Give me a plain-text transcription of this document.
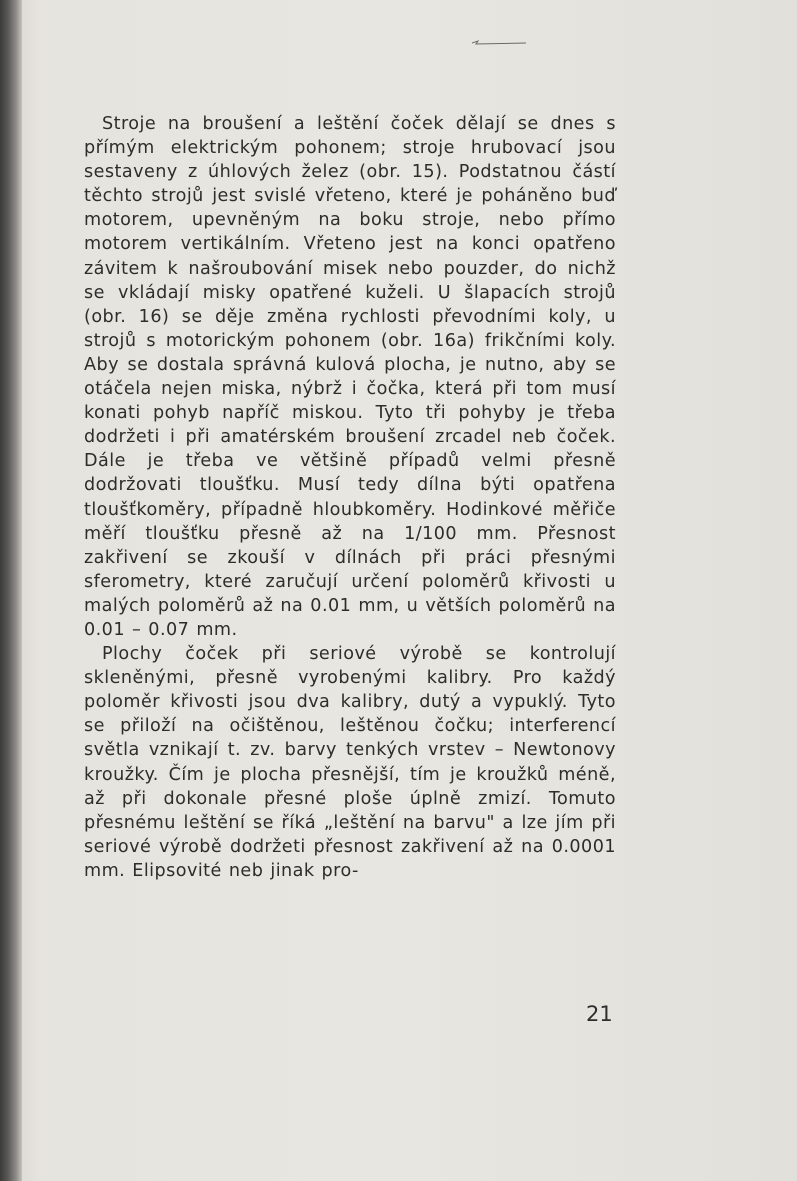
Stroje na broušení a leštění čoček dělají se dnes s přímým elektrickým pohonem; stroje hrubovací jsou sestaveny z úhlových želez (obr. 15). Podstatnou částí těchto strojů jest svislé vřeteno, které je poháněno buď motorem, upevněným na boku stroje, nebo přímo motorem vertikálním. Vřeteno jest na konci opatřeno závitem k našroubování misek nebo pouzder, do nichž se vkládají misky opatřené kuželi. U šlapacích strojů (obr. 16) se děje změna rychlosti převodními koly, u strojů s motorickým pohonem (obr. 16a) frikčními koly. Aby se dostala správná kulová plocha, je nutno, aby se otáčela nejen miska, nýbrž i čočka, která při tom musí konati pohyb napříč miskou. Tyto tři pohyby je třeba dodržeti i při amatérském broušení zrcadel neb čoček. Dále je třeba ve většině případů velmi přesně dodržovati tloušťku. Musí tedy dílna býti opatřena tloušťkoměry, případně hloubkoměry. Hodinkové měřiče měří tloušťku přesně až na 1/100 mm. Přesnost zakřivení se zkouší v dílnách při práci přesnými sferometry, které zaručují určení poloměrů křivosti u malých poloměrů až na 0.01 mm, u větších poloměrů na 0.01 – 0.07 mm.

Plochy čoček při seriové výrobě se kontrolují skleněnými, přesně vyrobenými kalibry. Pro každý poloměr křivosti jsou dva kalibry, dutý a vypuklý. Tyto se přiloží na očištěnou, leštěnou čočku; interferencí světla vznikají t. zv. barvy tenkých vrstev – Newtonovy kroužky. Čím je plocha přesnější, tím je kroužků méně, až při dokonale přesné ploše úplně zmizí. Tomuto přesnému leštění se říká „leštění na barvu" a lze jím při seriové výrobě dodržeti přesnost zakřivení až na 0.0001 mm. Elipsovité neb jinak pro-

21
